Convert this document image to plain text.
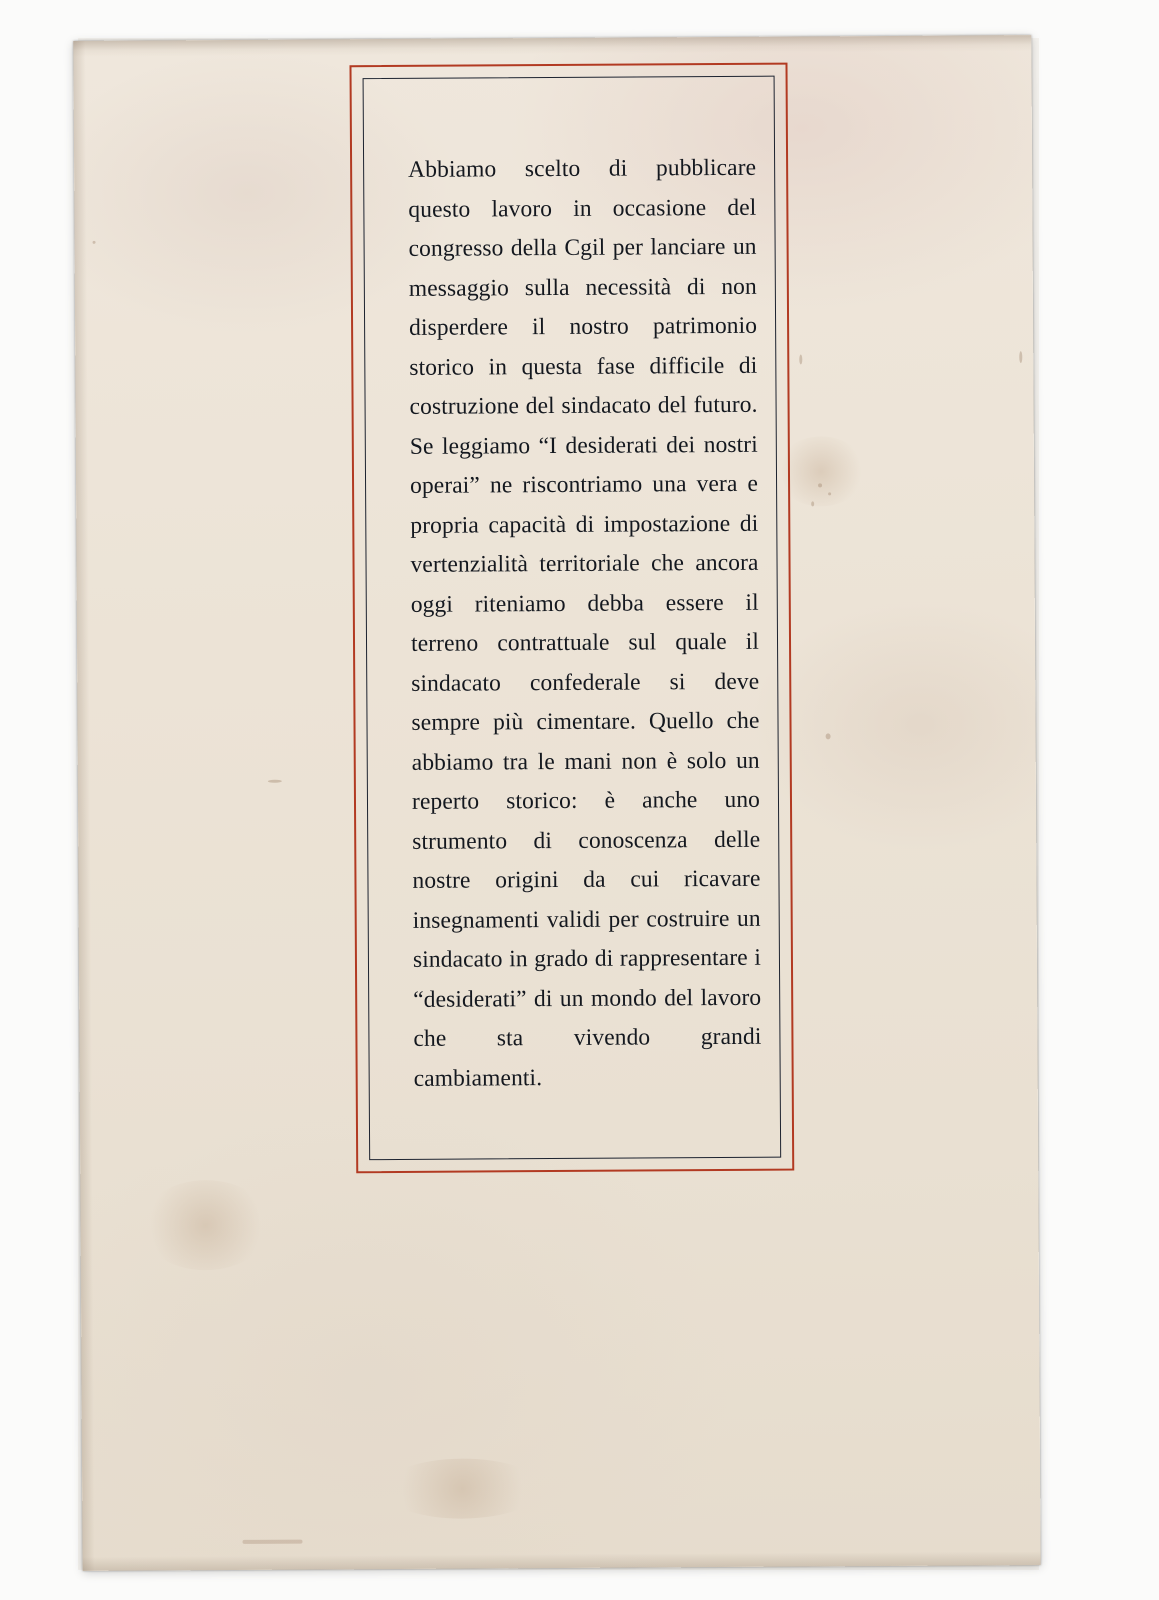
Abbiamo scelto di pubblicare questo lavoro in occasione del congresso della Cgil per lanciare un messaggio sulla necessità di non disperdere il nostro patrimonio storico in questa fase difficile di costruzione del sindacato del futuro. Se leggiamo “I desiderati dei nostri operai” ne riscontriamo una vera e propria capacità di impostazione di vertenzialità territoriale che ancora oggi riteniamo debba essere il terreno contrattuale sul quale il sindacato confederale si deve sempre più cimentare. Quello che abbiamo tra le mani non è solo un reperto storico: è anche uno strumento di conoscenza delle nostre origini da cui ricavare insegnamenti validi per costruire un sindacato in grado di rappresentare i “desiderati” di un mondo del lavoro che sta vivendo grandi cambiamenti.
